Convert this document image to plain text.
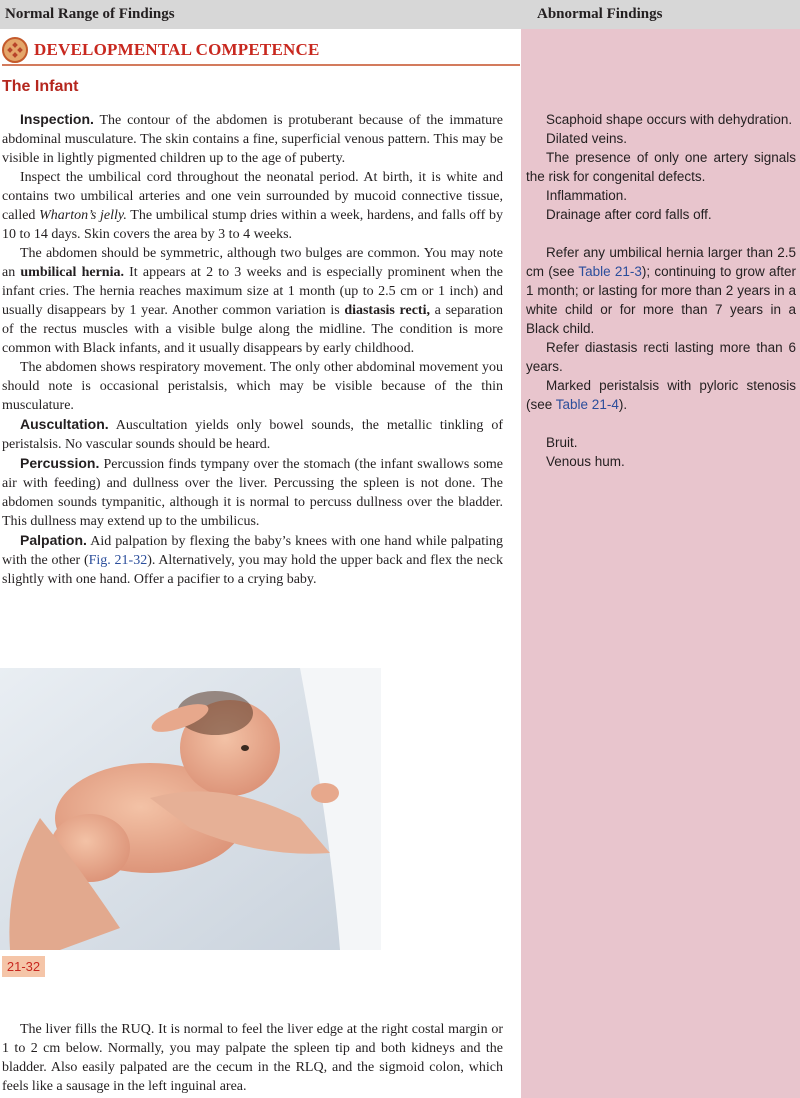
Normal Range of Findings	Abnormal Findings
DEVELOPMENTAL COMPETENCE
The Infant

Inspection. The contour of the abdomen is protuberant because of the immature abdominal musculature. The skin contains a fine, superficial venous pattern. This may be visible in lightly pigmented children up to the age of puberty.

Inspect the umbilical cord throughout the neonatal period. At birth, it is white and contains two umbilical arteries and one vein surrounded by mucoid connective tissue, called Wharton’s jelly. The umbilical stump dries within a week, hardens, and falls off by 10 to 14 days. Skin covers the area by 3 to 4 weeks.

The abdomen should be symmetric, although two bulges are common. You may note an umbilical hernia. It appears at 2 to 3 weeks and is especially prominent when the infant cries. The hernia reaches maximum size at 1 month (up to 2.5 cm or 1 inch) and usually disappears by 1 year. Another common variation is diastasis recti, a separation of the rectus muscles with a visible bulge along the midline. The condition is more common with Black infants, and it usually disappears by early childhood.

The abdomen shows respiratory movement. The only other abdominal movement you should note is occasional peristalsis, which may be visible because of the thin musculature.

Auscultation. Auscultation yields only bowel sounds, the metallic tinkling of peristalsis. No vascular sounds should be heard.

Percussion. Percussion finds tympany over the stomach (the infant swallows some air with feeding) and dullness over the liver. Percussing the spleen is not done. The abdomen sounds tympanitic, although it is normal to percuss dullness over the bladder. This dullness may extend up to the umbilicus.

Palpation. Aid palpation by flexing the baby’s knees with one hand while palpating with the other (Fig. 21-32). Alternatively, you may hold the upper back and flex the neck slightly with one hand. Offer a pacifier to a crying baby.

21-32
The liver fills the RUQ. It is normal to feel the liver edge at the right costal margin or 1 to 2 cm below. Normally, you may palpate the spleen tip and both kidneys and the bladder. Also easily palpated are the cecum in the RLQ, and the sigmoid colon, which feels like a sausage in the left inguinal area.

Scaphoid shape occurs with dehydration.

Dilated veins.

The presence of only one artery signals the risk for congenital defects.

Inflammation.

Drainage after cord falls off.

Refer any umbilical hernia larger than 2.5 cm (see Table 21-3); continuing to grow after 1 month; or lasting for more than 2 years in a white child or for more than 7 years in a Black child.

Refer diastasis recti lasting more than 6 years.

Marked peristalsis with pyloric stenosis (see Table 21-4).

Bruit.

Venous hum.
